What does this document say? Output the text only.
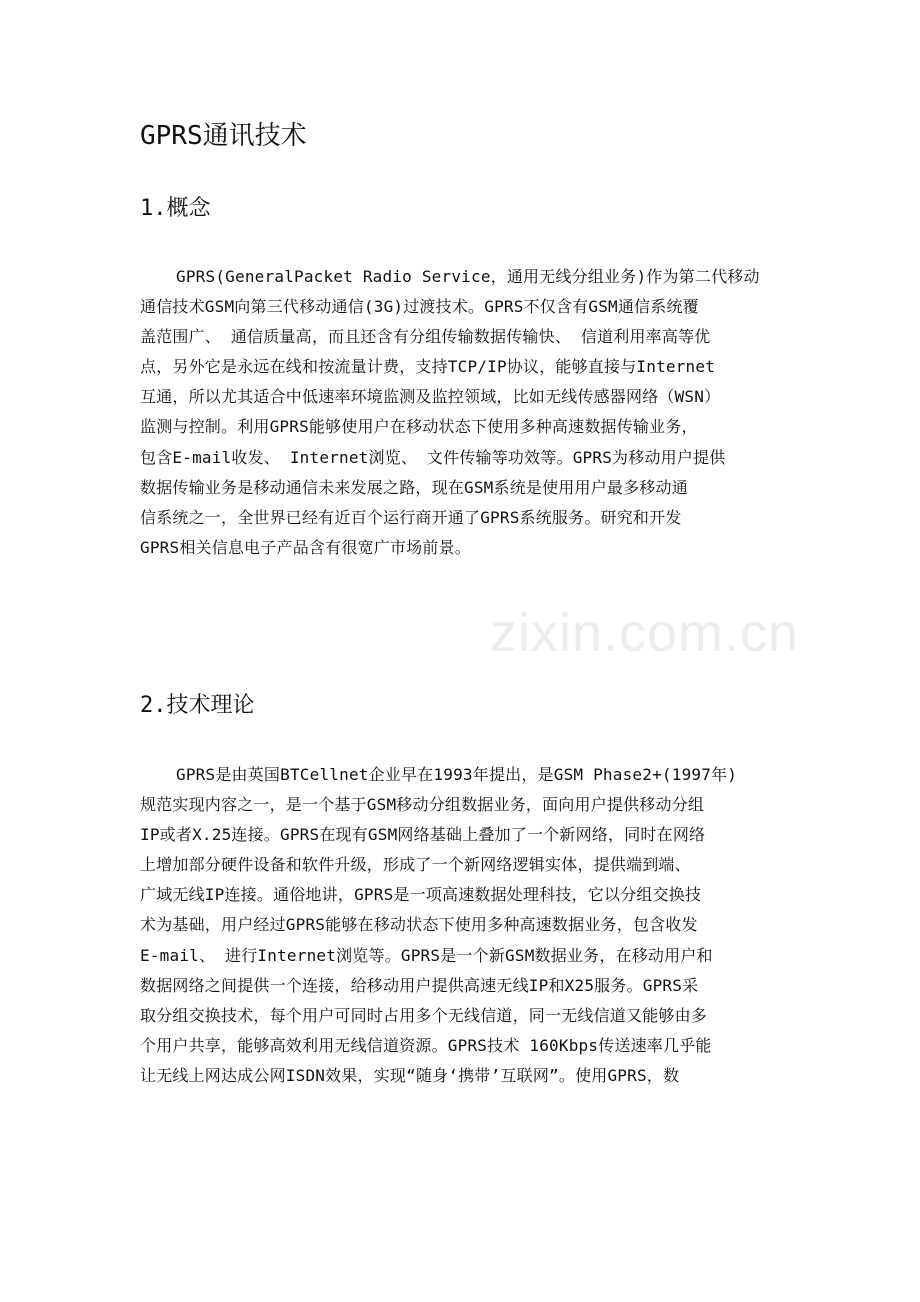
GPRS通讯技术
1.概念
GPRS(GeneralPacket Radio Service，通用无线分组业务)作为第二代移动
通信技术GSM向第三代移动通信(3G)过渡技术。GPRS不仅含有GSM通信系统覆
盖范围广、 通信质量高，而且还含有分组传输数据传输快、 信道利用率高等优
点，另外它是永远在线和按流量计费，支持TCP/IP协议，能够直接与Internet
互通，所以尤其适合中低速率环境监测及监控领域，比如无线传感器网络（WSN）
监测与控制。利用GPRS能够使用户在移动状态下使用多种高速数据传输业务，
包含E-mail收发、 Internet浏览、 文件传输等功效等。GPRS为移动用户提供
数据传输业务是移动通信未来发展之路，现在GSM系统是使用用户最多移动通
信系统之一，全世界已经有近百个运行商开通了GPRS系统服务。研究和开发
GPRS相关信息电子产品含有很宽广市场前景。
zixin.com.cn
2.技术理论
GPRS是由英国BTCellnet企业早在1993年提出，是GSM Phase2+(1997年)
规范实现内容之一，是一个基于GSM移动分组数据业务，面向用户提供移动分组
IP或者X.25连接。GPRS在现有GSM网络基础上叠加了一个新网络，同时在网络
上增加部分硬件设备和软件升级，形成了一个新网络逻辑实体，提供端到端、
广域无线IP连接。通俗地讲，GPRS是一项高速数据处理科技，它以分组交换技
术为基础，用户经过GPRS能够在移动状态下使用多种高速数据业务，包含收发
E-mail、 进行Internet浏览等。GPRS是一个新GSM数据业务，在移动用户和
数据网络之间提供一个连接，给移动用户提供高速无线IP和X25服务。GPRS采
取分组交换技术，每个用户可同时占用多个无线信道，同一无线信道又能够由多
个用户共享，能够高效利用无线信道资源。GPRS技术 160Kbps传送速率几乎能
让无线上网达成公网ISDN效果，实现“随身‘携带’互联网”。使用GPRS，数
